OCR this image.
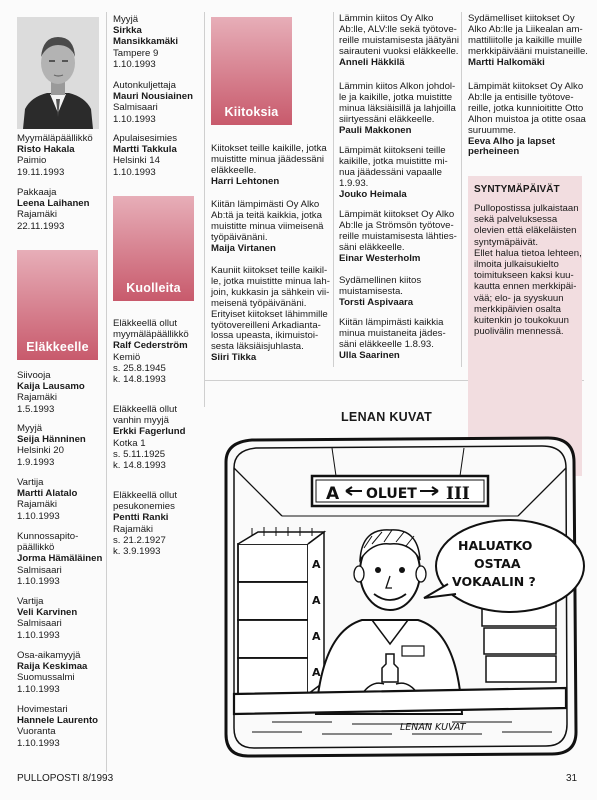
Myymäläpäällikkö
Risto Hakala
Paimio
19.11.1993
Pakkaaja
Leena Laihanen
Rajamäki
22.11.1993
Eläkkeelle
Siivooja
Kaija Lausamo
Rajamäki
1.5.1993
Myyjä
Seija Hänninen
Helsinki 20
1.9.1993
Vartija
Martti Alatalo
Rajamäki
1.10.1993
Kunnossapito-
päällikkö
Jorma Hämäläinen
Salmisaari
1.10.1993
Vartija
Veli Karvinen
Salmisaari
1.10.1993
Osa-aikamyyjä
Raija Keskimaa
Suomussalmi
1.10.1993
Hovimestari
Hannele Laurento
Vuoranta
1.10.1993
Myyjä
Sirkka
Mansikkamäki
Tampere 9
1.10.1993
Autonkuljettaja
Mauri Nousiainen
Salmisaari
1.10.1993
Apulaisesimies
Martti Takkula
Helsinki 14
1.10.1993
Kuolleita
Eläkkeellä ollut
myymäläpäällikkö
Ralf Cederström
Kemiö
s. 25.8.1945
k. 14.8.1993
Eläkkeellä ollut
vanhin myyjä
Erkki Fagerlund
Kotka 1
s. 5.11.1925
k. 14.8.1993
Eläkkeellä ollut
pesukonemies
Pentti Ranki
Rajamäki
s. 21.2.1927
k. 3.9.1993
Kiitoksia
Kiitokset teille kaikille, jotka
muistitte minua jäädessäni
eläkkeelle.
Harri Lehtonen
Kiitän lämpimästi Oy Alko
Ab:tä ja teitä kaikkia, jotka
muistitte minua viimeisenä
työpäivänäni.
Maija Virtanen
Kauniit kiitokset teille kaikil-
le, jotka muistitte minua lah-
join, kukkasin ja sähkein vii-
meisenä työpäivänäni.
Erityiset kiitokset lähimmille
työtovereilleni Arkadianta-
lossa upeasta, ikimuistoi-
sesta läksiäisjuhlasta.
Siiri Tikka
Lämmin kiitos Oy Alko
Ab:lle, ALV:lle sekä työtove-
reille muistamisesta jäätyäni
sairauteni vuoksi eläkkeelle.
Anneli Häkkilä
Lämmin kiitos Alkon johdol-
le ja kaikille, jotka muistitte
minua läksiäisillä ja lahjoilla
siirtyessäni eläkkeelle.
Pauli Makkonen
Lämpimät kiitokseni teille
kaikille, jotka muistitte mi-
nua jäädessäni vapaalle
1.9.93.
Jouko Heimala
Lämpimät kiitokset Oy Alko
Ab:lle ja Strömsön työtove-
reille muistamisesta lähties-
säni eläkkeelle.
Einar Westerholm
Sydämellinen kiitos
muistamisesta.
Torsti Aspivaara
Kiitän lämpimästi kaikkia
minua muistaneita jädes-
säni eläkkeelle 1.8.93.
Ulla Saarinen
Sydämelliset kiitokset Oy
Alko Ab:lle ja Liikealan am-
mattiliitolle ja kaikille muille
merkkipäivääni muistaneille.
Martti Halkomäki
Lämpimät kiitokset Oy Alko
Ab:lle ja entisille työtove-
reille, jotka kunnioititte Otto
Alhon muistoa ja otitte osaa
suruumme.
Eeva Alho ja lapset
perheineen
SYNTYMÄPÄIVÄT
Pullopostissa julkaistaan
sekä palveluksessa
olevien että eläkeläisten
syntymäpäivät.
Ellet halua tietoa lehteen,
ilmoita julkaisukielto
toimitukseen kaksi kuu-
kautta ennen merkkipäi-
vää; elo- ja syyskuun
merkkipäivien osalta
kuitenkin jo toukokuun
puolivälin mennessä.
LENAN KUVAT
A OLUET III
A
A
A
A
HALUATKO
OSTAA
VOKAALIN ?
LENAN KUVAT
PULLOPOSTI 8/1993	31
